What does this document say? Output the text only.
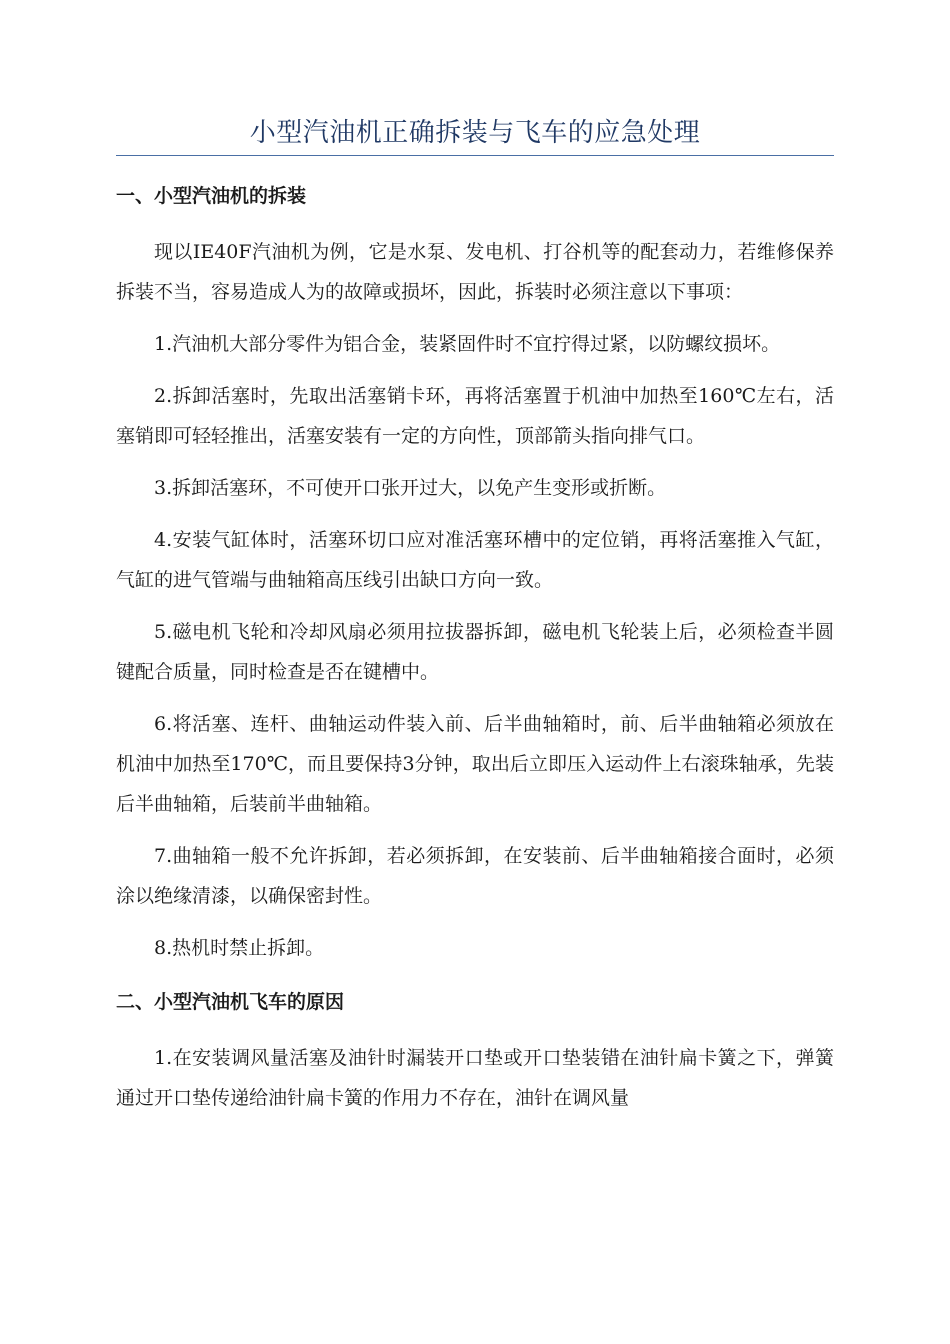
小型汽油机正确拆装与飞车的应急处理
一、小型汽油机的拆装

现以IE40F汽油机为例，它是水泵、发电机、打谷机等的配套动力，若维修保养拆装不当，容易造成人为的故障或损坏，因此，拆装时必须注意以下事项：

1.汽油机大部分零件为铝合金，装紧固件时不宜拧得过紧，以防螺纹损坏。

2.拆卸活塞时，先取出活塞销卡环，再将活塞置于机油中加热至160℃左右，活塞销即可轻轻推出，活塞安装有一定的方向性，顶部箭头指向排气口。

3.拆卸活塞环，不可使开口张开过大，以免产生变形或折断。

4.安装气缸体时，活塞环切口应对准活塞环槽中的定位销，再将活塞推入气缸，气缸的进气管端与曲轴箱高压线引出缺口方向一致。

5.磁电机飞轮和冷却风扇必须用拉拔器拆卸，磁电机飞轮装上后，必须检查半圆键配合质量，同时检查是否在键槽中。

6.将活塞、连杆、曲轴运动件装入前、后半曲轴箱时，前、后半曲轴箱必须放在机油中加热至170℃，而且要保持3分钟，取出后立即压入运动件上右滚珠轴承，先装后半曲轴箱，后装前半曲轴箱。

7.曲轴箱一般不允许拆卸，若必须拆卸，在安装前、后半曲轴箱接合面时，必须涂以绝缘清漆，以确保密封性。

8.热机时禁止拆卸。

二、小型汽油机飞车的原因

1.在安装调风量活塞及油针时漏装开口垫或开口垫装错在油针扁卡簧之下，弹簧通过开口垫传递给油针扁卡簧的作用力不存在，油针在调风量
